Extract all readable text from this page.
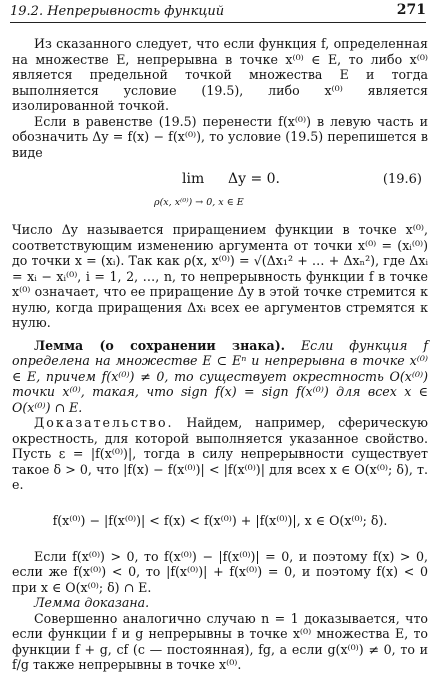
19.2. Непрерывность функций	271

Из сказанного следует, что если функция f, определенная на множестве E, непрерывна в точке x⁽⁰⁾ ∈ E, то либо x⁽⁰⁾ является предельной точкой множества E и тогда выполняется условие (19.5), либо x⁽⁰⁾ является изолированной точкой.

Если в равенстве (19.5) перенести f(x⁽⁰⁾) в левую часть и обозначить Δy = f(x) − f(x⁽⁰⁾), то условие (19.5) перепишется в виде

lim Δy = 0.
ρ(x, x⁽⁰⁾) → 0, x ∈ E
(19.6)

Число Δy называется приращением функции в точке x⁽⁰⁾, соответствующим изменению аргумента от точки x⁽⁰⁾ = (xᵢ⁽⁰⁾) до точки x = (xᵢ). Так как ρ(x, x⁽⁰⁾) = √(Δx₁² + … + Δxₙ²), где Δxᵢ = xᵢ − xᵢ⁽⁰⁾, i = 1, 2, …, n, то непрерывность функции f в точке x⁽⁰⁾ означает, что ее приращение Δy в этой точке стремится к нулю, когда приращения Δxᵢ всех ее аргументов стремятся к нулю.

Лемма (о сохранении знака). Если функция f определена на множестве E ⊂ Eⁿ и непрерывна в точке x⁽⁰⁾ ∈ E, причем f(x⁽⁰⁾) ≠ 0, то существует окрестность O(x⁽⁰⁾) точки x⁽⁰⁾, такая, что sign f(x) = sign f(x⁽⁰⁾) для всех x ∈ O(x⁽⁰⁾) ∩ E.

Доказательство. Найдем, например, сферическую окрестность, для которой выполняется указанное свойство. Пусть ε = |f(x⁽⁰⁾)|, тогда в силу непрерывности существует такое δ > 0, что |f(x) − f(x⁽⁰⁾)| < |f(x⁽⁰⁾)| для всех x ∈ O(x⁽⁰⁾; δ), т. е.

f(x⁽⁰⁾) − |f(x⁽⁰⁾)| < f(x) < f(x⁽⁰⁾) + |f(x⁽⁰⁾)|, x ∈ O(x⁽⁰⁾; δ).

Если f(x⁽⁰⁾) > 0, то f(x⁽⁰⁾) − |f(x⁽⁰⁾)| = 0, и поэтому f(x) > 0, если же f(x⁽⁰⁾) < 0, то |f(x⁽⁰⁾)| + f(x⁽⁰⁾) = 0, и поэтому f(x) < 0 при x ∈ O(x⁽⁰⁾; δ) ∩ E.

Лемма доказана.

Совершенно аналогично случаю n = 1 доказывается, что если функции f и g непрерывны в точке x⁽⁰⁾ множества E, то функции f + g, cf (c — постоянная), fg, а если g(x⁽⁰⁾) ≠ 0, то и f/g также непрерывны в точке x⁽⁰⁾.
